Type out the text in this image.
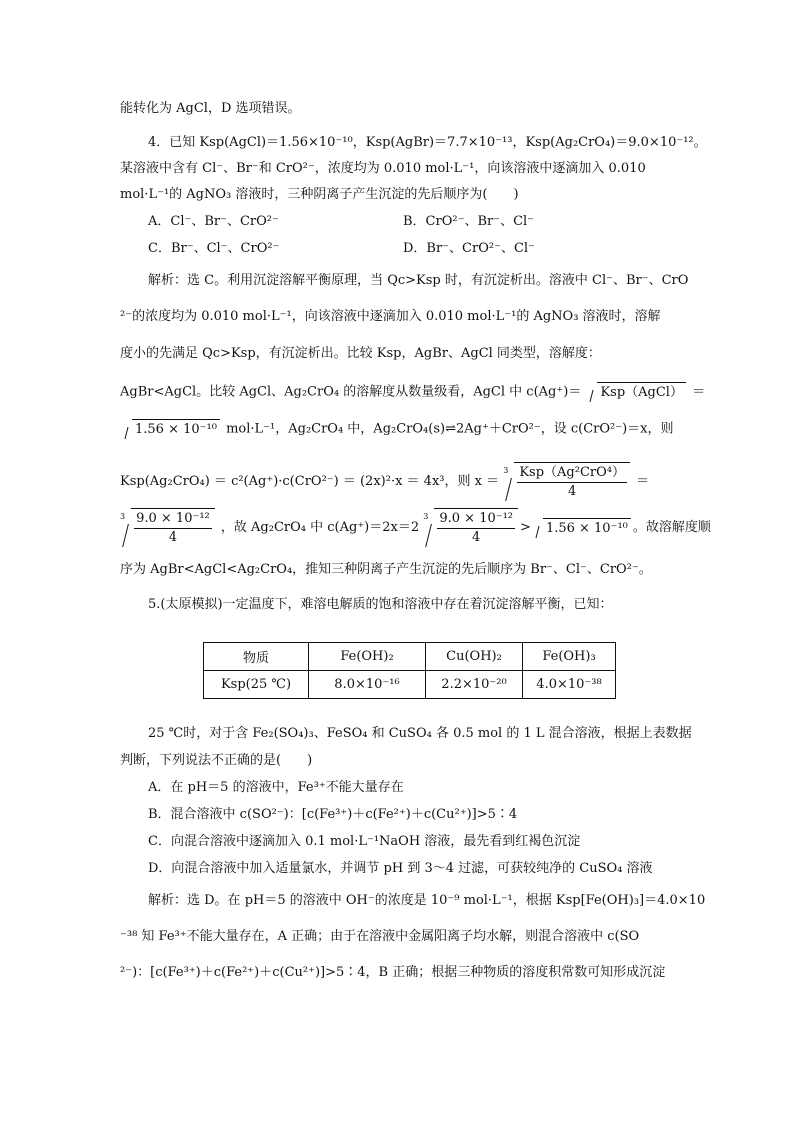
能转化为 AgCl，D 选项错误。
4．已知 Ksp(AgCl)＝1.56×10⁻¹⁰，Ksp(AgBr)＝7.7×10⁻¹³，Ksp(Ag₂CrO₄)＝9.0×10⁻¹²。
某溶液中含有 Cl⁻、Br⁻和 CrO²⁻，浓度均为 0.010 mol·L⁻¹，向该溶液中逐滴加入 0.010
mol·L⁻¹的 AgNO₃ 溶液时，三种阴离子产生沉淀的先后顺序为(　　)
A．Cl⁻、Br⁻、CrO²⁻	B．CrO²⁻、Br⁻、Cl⁻
C．Br⁻、Cl⁻、CrO²⁻	D．Br⁻、CrO²⁻、Cl⁻
解析：选 C。利用沉淀溶解平衡原理，当 Qc>Ksp 时，有沉淀析出。溶液中 Cl⁻、Br⁻、CrO
²⁻的浓度均为 0.010 mol·L⁻¹，向该溶液中逐滴加入 0.010 mol·L⁻¹的 AgNO₃ 溶液时，溶解
度小的先满足 Qc>Ksp，有沉淀析出。比较 Ksp，AgBr、AgCl 同类型，溶解度：
AgBr<AgCl。比较 AgCl、Ag₂CrO₄ 的溶解度从数量级看，AgCl 中 c(Ag⁺)＝ Ksp（AgCl） ＝
1.56 × 10⁻¹⁰ mol·L⁻¹，Ag₂CrO₄ 中，Ag₂CrO₄(s)⇌2Ag⁺＋CrO²⁻，设 c(CrO²⁻)＝x，则
Ksp(Ag₂CrO₄) ＝ c²(Ag⁺)·c(CrO²⁻) ＝ (2x)²·x ＝ 4x³，则 $x = ^3 \frac{\text{Ksp（Ag²CrO⁴）}}{4}$ ＝
$^3 \frac{\text{9.0 × 10⁻¹²}}{4}$ ，故 Ag₂CrO₄ 中 c(Ag⁺)＝2x＝2 $^3 \frac{\text{9.0 × 10⁻¹²}}{4} > 1.56 \times 10^{-10}$ 。故溶解度顺
序为 AgBr<AgCl<Ag₂CrO₄，推知三种阴离子产生沉淀的先后顺序为 Br⁻、Cl⁻、CrO²⁻。
5.(太原模拟)一定温度下，难溶电解质的饱和溶液中存在着沉淀溶解平衡，已知：
物质	Fe(OH)₂	Cu(OH)₂	Fe(OH)₃
Ksp(25 ℃)	8.0×10⁻¹⁶	2.2×10⁻²⁰	4.0×10⁻³⁸
25 ℃时，对于含 Fe₂(SO₄)₃、FeSO₄ 和 CuSO₄ 各 0.5 mol 的 1 L 混合溶液，根据上表数据
判断，下列说法不正确的是(　　)
A．在 pH＝5 的溶液中，Fe³⁺不能大量存在
B．混合溶液中 c(SO²⁻)：[c(Fe³⁺)＋c(Fe²⁺)＋c(Cu²⁺)]>5∶4
C．向混合溶液中逐滴加入 0.1 mol·L⁻¹NaOH 溶液，最先看到红褐色沉淀
D．向混合溶液中加入适量氯水，并调节 pH 到 3～4 过滤，可获较纯净的 CuSO₄ 溶液
解析：选 D。在 pH＝5 的溶液中 OH⁻的浓度是 10⁻⁹ mol·L⁻¹，根据 Ksp[Fe(OH)₃]＝4.0×10
⁻³⁸ 知 Fe³⁺不能大量存在，A 正确；由于在溶液中金属阳离子均水解，则混合溶液中 c(SO
²⁻)：[c(Fe³⁺)＋c(Fe²⁺)＋c(Cu²⁺)]>5∶4，B 正确；根据三种物质的溶度积常数可知形成沉淀
